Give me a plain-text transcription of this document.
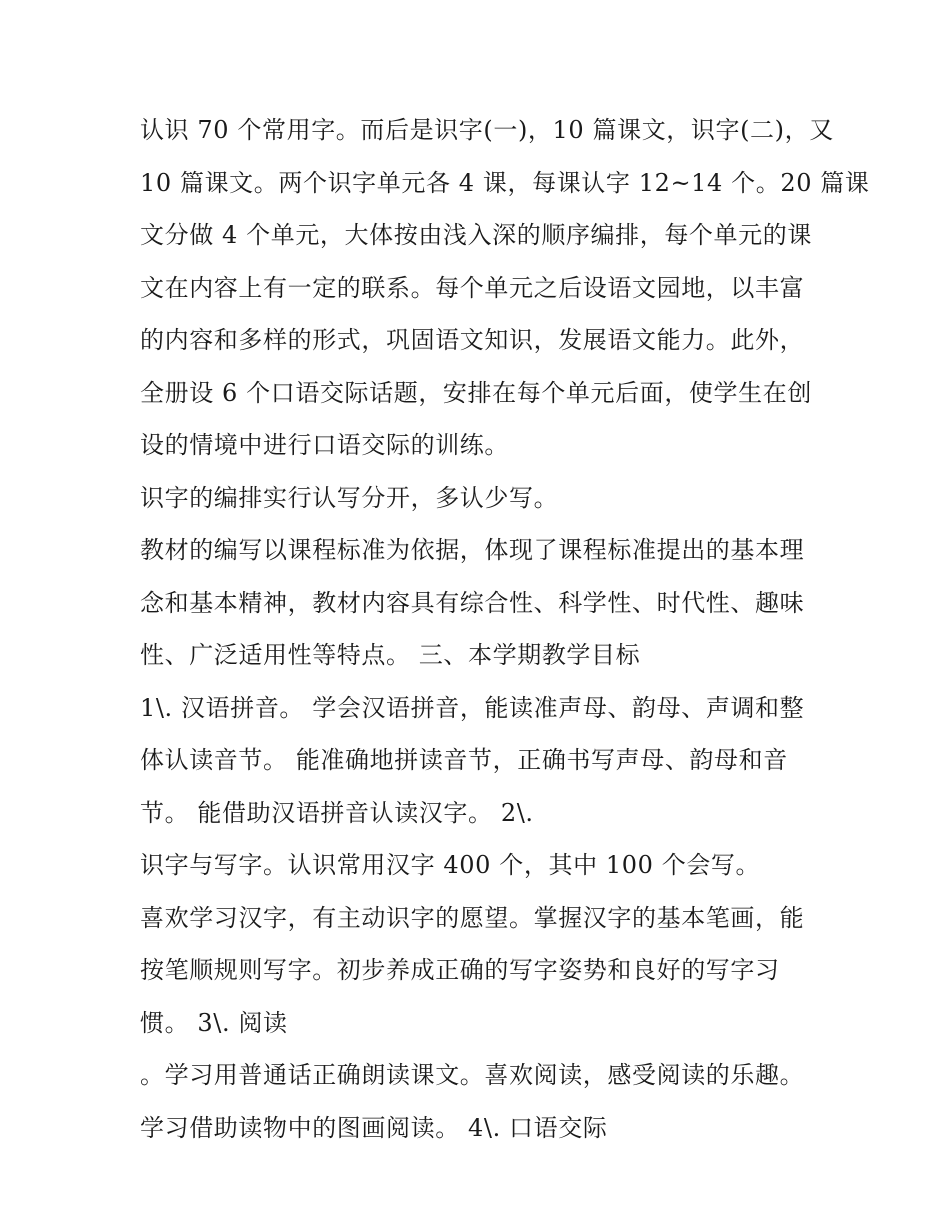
认识 70 个常用字。而后是识字(一)，10 篇课文，识字(二)，又
10 篇课文。两个识字单元各 4 课，每课认字 12~14 个。20 篇课
文分做 4 个单元，大体按由浅入深的顺序编排，每个单元的课
文在内容上有一定的联系。每个单元之后设语文园地，以丰富
的内容和多样的形式，巩固语文知识，发展语文能力。此外，
全册设 6 个口语交际话题，安排在每个单元后面，使学生在创
设的情境中进行口语交际的训练。
识字的编排实行认写分开，多认少写。
教材的编写以课程标准为依据，体现了课程标准提出的基本理
念和基本精神，教材内容具有综合性、科学性、时代性、趣味
性、广泛适用性等特点。 三、本学期教学目标
1\. 汉语拼音。 学会汉语拼音，能读准声母、韵母、声调和整
体认读音节。 能准确地拼读音节，正确书写声母、韵母和音
节。 能借助汉语拼音认读汉字。 2\.
识字与写字。认识常用汉字 400 个，其中 100 个会写。
喜欢学习汉字，有主动识字的愿望。掌握汉字的基本笔画，能
按笔顺规则写字。初步养成正确的写字姿势和良好的写字习
惯。 3\. 阅读
。学习用普通话正确朗读课文。喜欢阅读，感受阅读的乐趣。
学习借助读物中的图画阅读。 4\. 口语交际
